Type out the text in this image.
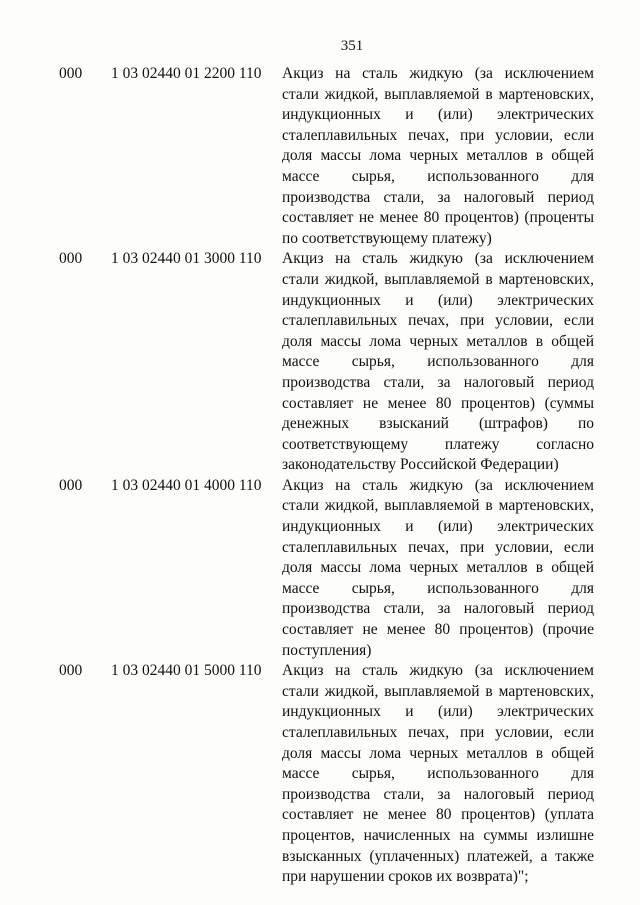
351
000 1 03 02440 01 2200 110 Акциз на сталь жидкую (за исключением стали жидкой, выплавляемой в мартеновских, индукционных и (или) электрических сталеплавильных печах, при условии, если доля массы лома черных металлов в общей массе сырья, использованного для производства стали, за налоговый период составляет не менее 80 процентов) (проценты по соответствующему платежу)
000 1 03 02440 01 3000 110 Акциз на сталь жидкую (за исключением стали жидкой, выплавляемой в мартеновских, индукционных и (или) электрических сталеплавильных печах, при условии, если доля массы лома черных металлов в общей массе сырья, использованного для производства стали, за налоговый период составляет не менее 80 процентов) (суммы денежных взысканий (штрафов) по соответствующему платежу согласно законодательству Российской Федерации)
000 1 03 02440 01 4000 110 Акциз на сталь жидкую (за исключением стали жидкой, выплавляемой в мартеновских, индукционных и (или) электрических сталеплавильных печах, при условии, если доля массы лома черных металлов в общей массе сырья, использованного для производства стали, за налоговый период составляет не менее 80 процентов) (прочие поступления)
000 1 03 02440 01 5000 110 Акциз на сталь жидкую (за исключением стали жидкой, выплавляемой в мартеновских, индукционных и (или) электрических сталеплавильных печах, при условии, если доля массы лома черных металлов в общей массе сырья, использованного для производства стали, за налоговый период составляет не менее 80 процентов) (уплата процентов, начисленных на суммы излишне взысканных (уплаченных) платежей, а также при нарушении сроков их возврата)";
